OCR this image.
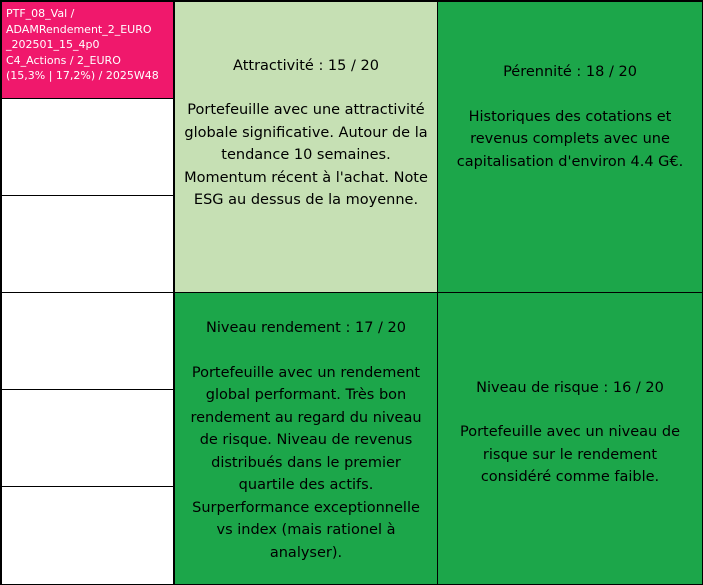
PTF_08_Val /
ADAMRendement_2_EURO
_202501_15_4p0
C4_Actions / 2_EURO
(15,3% | 17,2%) / 2025W48
Attractivité : 15 / 20
Portefeuille avec une attractivité globale significative. Autour de la tendance 10 semaines. Momentum récent à l'achat. Note ESG au dessus de la moyenne.
Pérennité : 18 / 20
Historiques des cotations et revenus complets avec une capitalisation d'environ 4.4 G€.
Niveau rendement : 17 / 20
Portefeuille avec un rendement global performant. Très bon rendement au regard du niveau de risque. Niveau de revenus distribués dans le premier quartile des actifs. Surperformance exceptionnelle vs index (mais rationel à analyser).
Niveau de risque : 16 / 20
Portefeuille avec un niveau de risque sur le rendement considéré comme faible.
